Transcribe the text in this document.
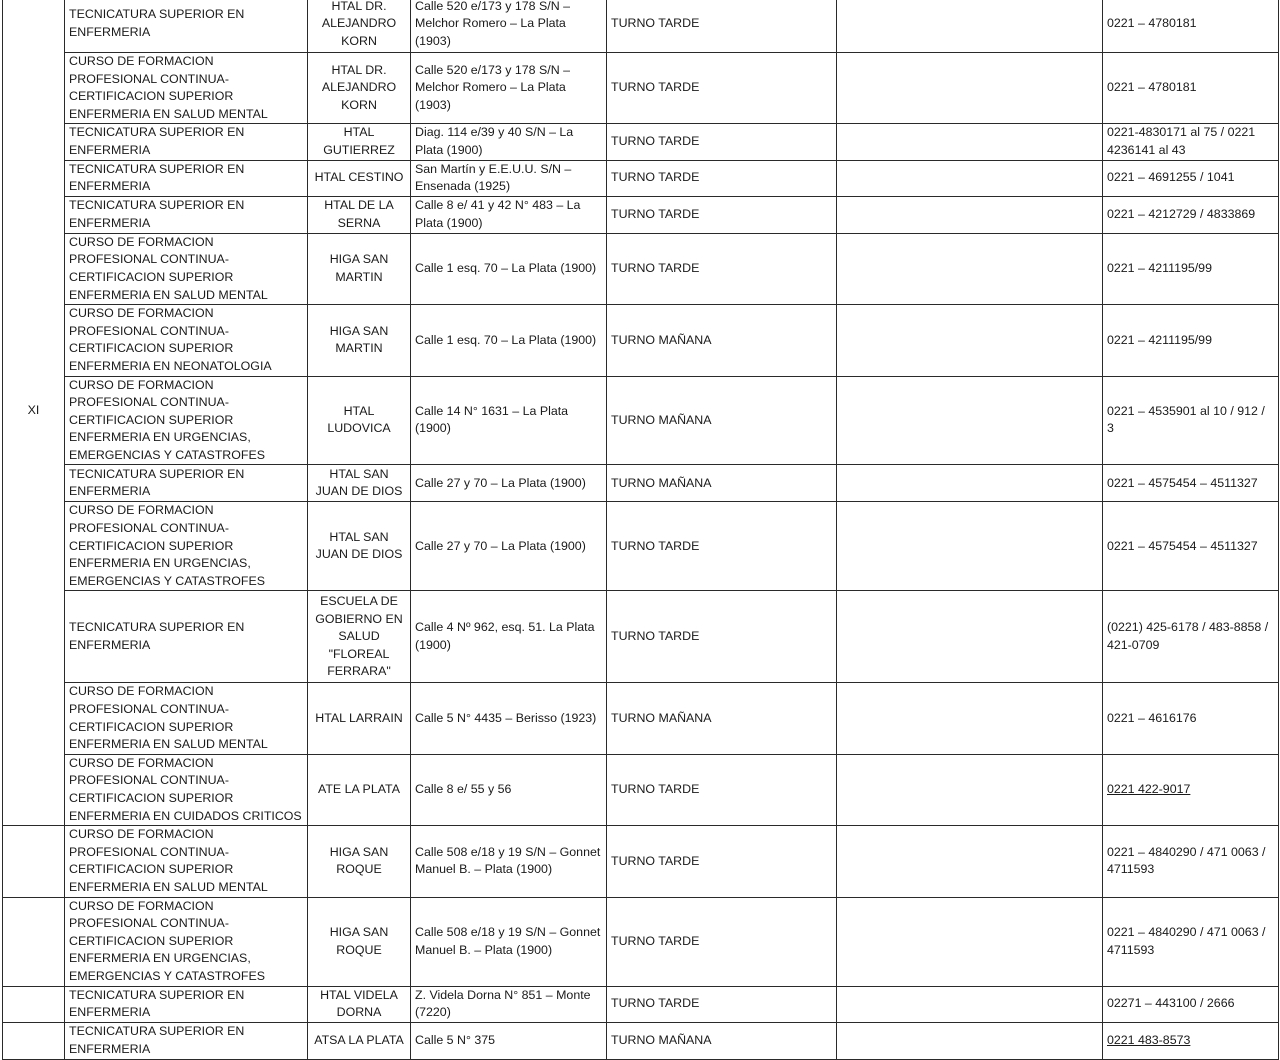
XI	TECNICATURA SUPERIOR EN ENFERMERIA	HTAL DR. ALEJANDRO KORN	Calle 520 e/173 y 178 S/N – Melchor Romero – La Plata (1903)	TURNO TARDE		0221 – 4780181
	CURSO DE FORMACION PROFESIONAL CONTINUA- CERTIFICACION SUPERIOR ENFERMERIA EN SALUD MENTAL	HTAL DR. ALEJANDRO KORN	Calle 520 e/173 y 178 S/N – Melchor Romero – La Plata (1903)	TURNO TARDE		0221 – 4780181
	TECNICATURA SUPERIOR EN ENFERMERIA	HTAL GUTIERREZ	Diag. 114 e/39 y 40 S/N – La Plata (1900)	TURNO TARDE		0221-4830171 al 75 / 0221 4236141 al 43
	TECNICATURA SUPERIOR EN ENFERMERIA	HTAL CESTINO	San Martín y E.E.U.U. S/N – Ensenada (1925)	TURNO TARDE		0221 – 4691255 / 1041
	TECNICATURA SUPERIOR EN ENFERMERIA	HTAL DE LA SERNA	Calle 8 e/ 41 y 42 N° 483 – La Plata (1900)	TURNO TARDE		0221 – 4212729 / 4833869
	CURSO DE FORMACION PROFESIONAL CONTINUA- CERTIFICACION SUPERIOR ENFERMERIA EN SALUD MENTAL	HIGA SAN MARTIN	Calle 1 esq. 70 – La Plata (1900)	TURNO TARDE		0221 – 4211195/99
	CURSO DE FORMACION PROFESIONAL CONTINUA- CERTIFICACION SUPERIOR ENFERMERIA EN NEONATOLOGIA	HIGA SAN MARTIN	Calle 1 esq. 70 – La Plata (1900)	TURNO MAÑANA		0221 – 4211195/99
	CURSO DE FORMACION PROFESIONAL CONTINUA- CERTIFICACION SUPERIOR ENFERMERIA EN URGENCIAS, EMERGENCIAS Y CATASTROFES	HTAL LUDOVICA	Calle 14 N° 1631 – La Plata (1900)	TURNO MAÑANA		0221 – 4535901 al 10 / 912 / 3
	TECNICATURA SUPERIOR EN ENFERMERIA	HTAL SAN JUAN DE DIOS	Calle 27 y 70 – La Plata (1900)	TURNO MAÑANA		0221 – 4575454 – 4511327
	CURSO DE FORMACION PROFESIONAL CONTINUA- CERTIFICACION SUPERIOR ENFERMERIA EN URGENCIAS, EMERGENCIAS Y CATASTROFES	HTAL SAN JUAN DE DIOS	Calle 27 y 70 – La Plata (1900)	TURNO TARDE		0221 – 4575454 – 4511327
	TECNICATURA SUPERIOR EN ENFERMERIA	ESCUELA DE GOBIERNO EN SALUD "FLOREAL FERRARA"	Calle 4 Nº 962, esq. 51. La Plata (1900)	TURNO TARDE		(0221) 425-6178 / 483-8858 / 421-0709
	CURSO DE FORMACION PROFESIONAL CONTINUA- CERTIFICACION SUPERIOR ENFERMERIA EN SALUD MENTAL	HTAL LARRAIN	Calle 5 N° 4435 – Berisso (1923)	TURNO MAÑANA		0221 – 4616176
	CURSO DE FORMACION PROFESIONAL CONTINUA- CERTIFICACION SUPERIOR ENFERMERIA EN CUIDADOS CRITICOS	ATE LA PLATA	Calle 8 e/ 55 y 56	TURNO TARDE		0221 422-9017
	CURSO DE FORMACION PROFESIONAL CONTINUA- CERTIFICACION SUPERIOR ENFERMERIA EN SALUD MENTAL	HIGA SAN ROQUE	Calle 508 e/18 y 19 S/N – Gonnet Manuel B. – Plata (1900)	TURNO TARDE		0221 – 4840290 / 471 0063 / 4711593
	CURSO DE FORMACION PROFESIONAL CONTINUA- CERTIFICACION SUPERIOR ENFERMERIA EN URGENCIAS, EMERGENCIAS Y CATASTROFES	HIGA SAN ROQUE	Calle 508 e/18 y 19 S/N – Gonnet Manuel B. – Plata (1900)	TURNO TARDE		0221 – 4840290 / 471 0063 / 4711593
	TECNICATURA SUPERIOR EN ENFERMERIA	HTAL VIDELA DORNA	Z. Videla Dorna N° 851 – Monte (7220)	TURNO TARDE		02271 – 443100 / 2666
	TECNICATURA SUPERIOR EN ENFERMERIA	ATSA LA PLATA	Calle 5 N° 375	TURNO MAÑANA		0221 483-8573
